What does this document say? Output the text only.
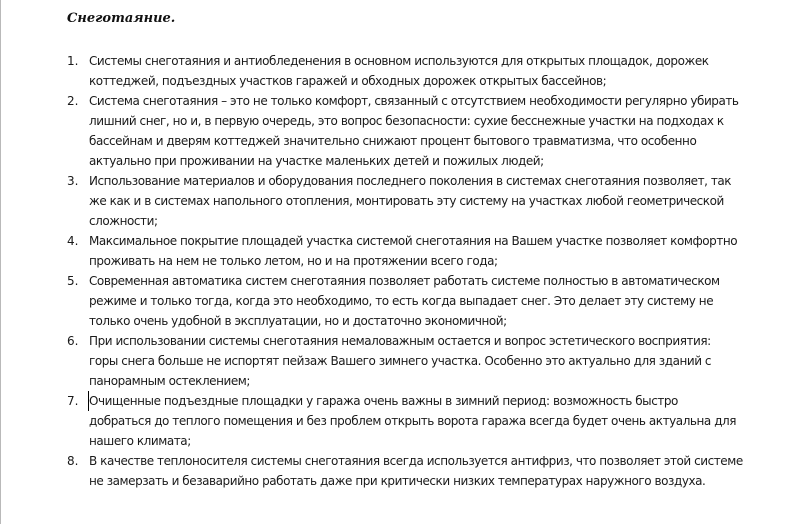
Снеготаяние.
1. Системы снеготаяния и антиобледенения в основном используются для открытых площадок, дорожек
коттеджей, подъездных участков гаражей и обходных дорожек открытых бассейнов;
2. Система снеготаяния – это не только комфорт, связанный с отсутствием необходимости регулярно убирать
лишний снег, но и, в первую очередь, это вопрос безопасности: сухие бесснежные участки на подходах к
бассейнам и дверям коттеджей значительно снижают процент бытового травматизма, что особенно
актуально при проживании на участке маленьких детей и пожилых людей;
3. Использование материалов и оборудования последнего поколения в системах снеготаяния позволяет, так
же как и в системах напольного отопления, монтировать эту систему на участках любой геометрической
сложности;
4. Максимальное покрытие площадей участка системой снеготаяния на Вашем участке позволяет комфортно
проживать на нем не только летом, но и на протяжении всего года;
5. Современная автоматика систем снеготаяния позволяет работать системе полностью в автоматическом
режиме и только тогда, когда это необходимо, то есть когда выпадает снег. Это делает эту систему не
только очень удобной в эксплуатации, но и достаточно экономичной;
6. При использовании системы снеготаяния немаловажным остается и вопрос эстетического восприятия:
горы снега больше не испортят пейзаж Вашего зимнего участка. Особенно это актуально для зданий с
панорамным остеклением;
7. Очищенные подъездные площадки у гаража очень важны в зимний период: возможность быстро
добраться до теплого помещения и без проблем открыть ворота гаража всегда будет очень актуальна для
нашего климата;
8. В качестве теплоносителя системы снеготаяния всегда используется антифриз, что позволяет этой системе
не замерзать и безаварийно работать даже при критически низких температурах наружного воздуха.
